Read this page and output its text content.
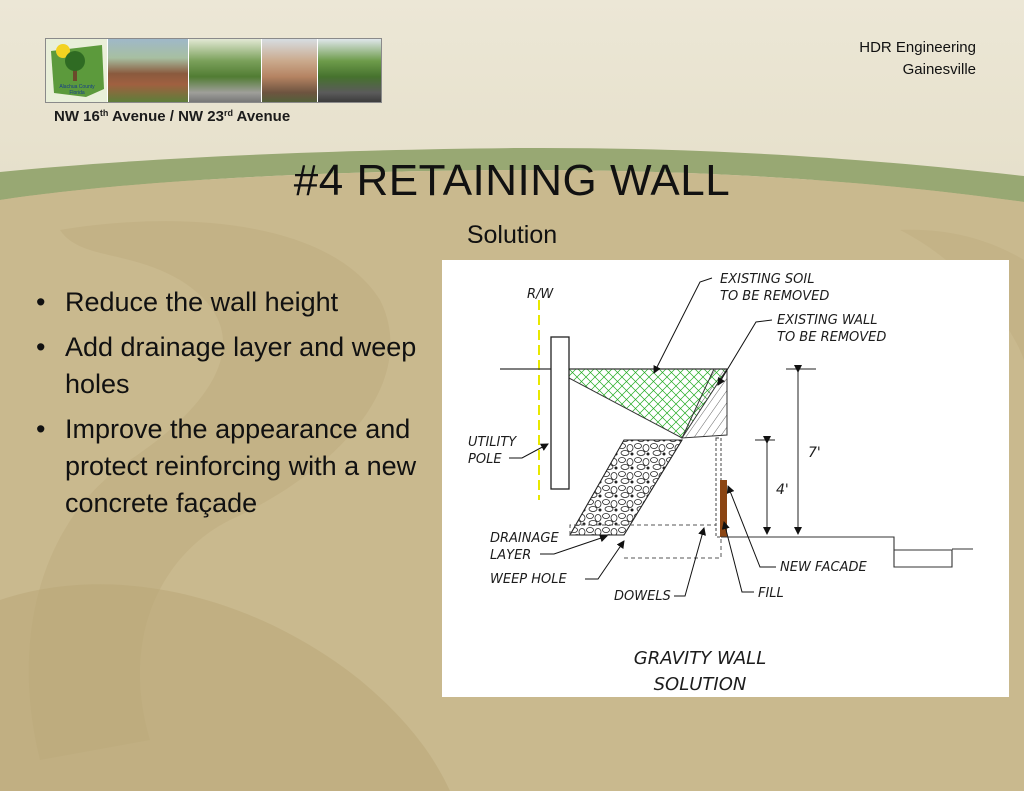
HDR Engineering
Gainesville
Alachua County
Florida
NW 16th Avenue / NW 23rd Avenue
#4 RETAINING WALL
Solution
• Reduce the wall height
• Add drainage layer and weep holes
• Improve the appearance and protect reinforcing with a new concrete façade
R/W
7'
4'
EXISTING SOIL
TO BE REMOVED
EXISTING WALL
TO BE REMOVED
UTILITY
POLE
DRAINAGE
LAYER
WEEP HOLE
DOWELS	FILL
NEW FACADE
GRAVITY WALL
SOLUTION
